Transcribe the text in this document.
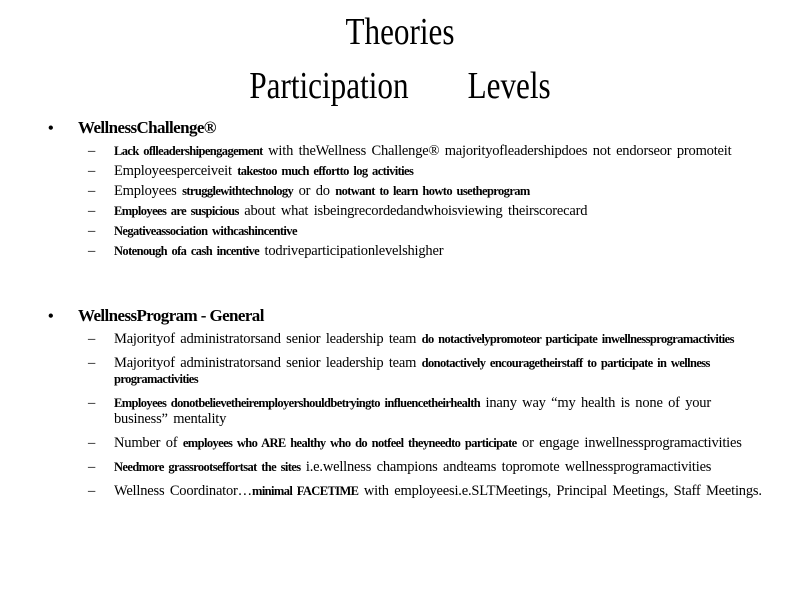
Theories
Participation Levels
•	WellnessChallenge®
– Lack oflleadershipengagement with theWellness Challenge® majorityofleadershipdoes not endorseor promoteit
– Employeesperceiveit takestoo much effortto log activities
– Employees strugglewithtechnology or do notwant to learn howto usetheprogram
– Employees are suspicious about what isbeingrecordedandwhoisviewing theirscorecard
– Negativeassociation withcashincentive
– Notenough ofa cash incentive todriveparticipationlevelshigher
•	WellnessProgram - General
– Majorityof administratorsand senior leadership team do notactivelypromoteor participate inwellnessprogramactivities
– Majorityof administratorsand senior leadership team donotactively encouragetheirstaff to participate in wellness programactivities
– Employees donotbelievetheiremployershouldbetryingto influencetheirhealth inany way “my health is none of your business” mentality
– Number of employees who ARE healthy who do notfeel theyneedto participate or engage inwellnessprogramactivities
– Needmore grassrootseffortsat the sites i.e.wellness champions andteams topromote wellnessprogramactivities
– Wellness Coordinator…minimal FACETIME with employeesi.e.SLTMeetings, Principal Meetings, Staff Meetings.
